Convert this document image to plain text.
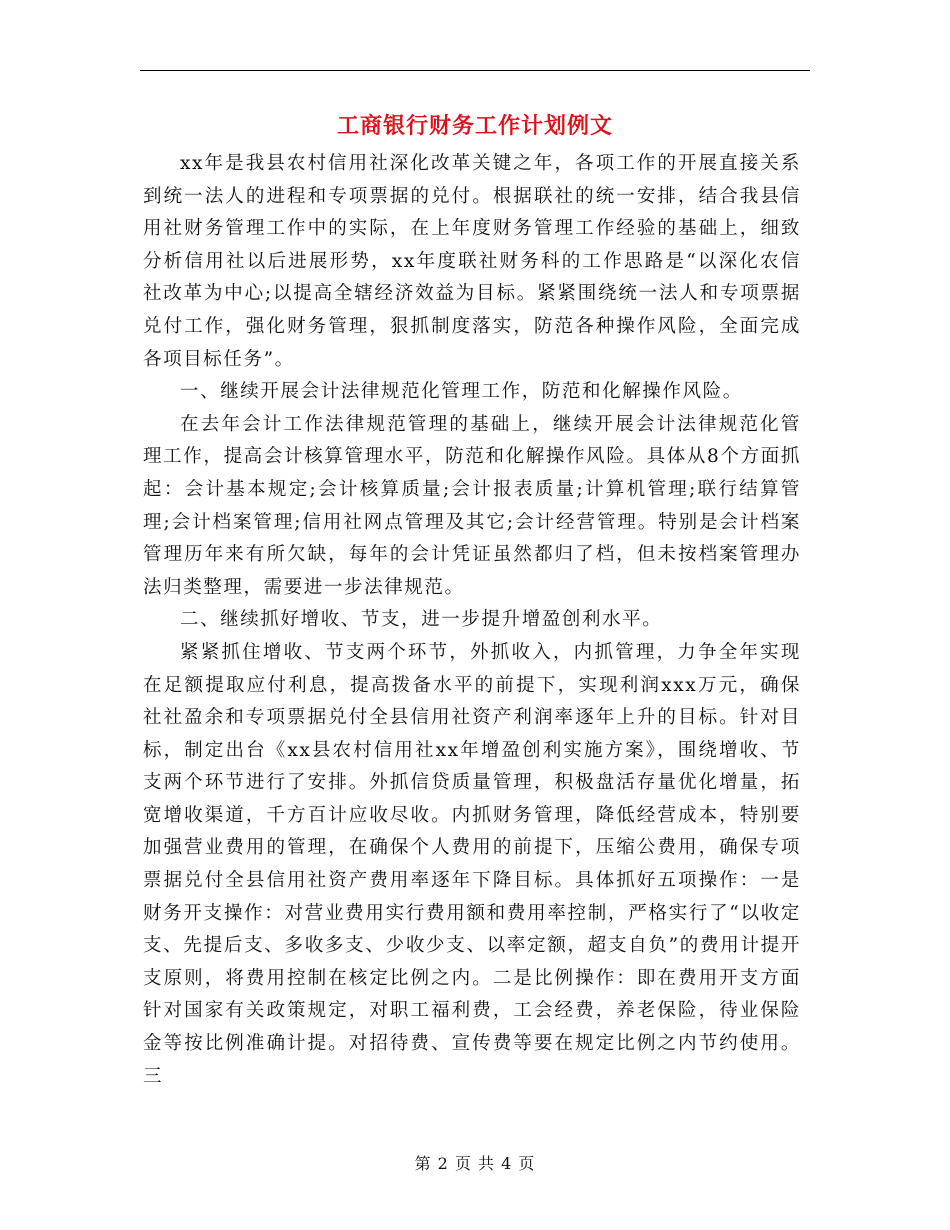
工商银行财务工作计划例文

xx年是我县农村信用社深化改革关键之年，各项工作的开展直接关系到统一法人的进程和专项票据的兑付。根据联社的统一安排，结合我县信用社财务管理工作中的实际，在上年度财务管理工作经验的基础上，细致分析信用社以后进展形势，xx年度联社财务科的工作思路是“以深化农信社改革为中心;以提高全辖经济效益为目标。紧紧围绕统一法人和专项票据兑付工作，强化财务管理，狠抓制度落实，防范各种操作风险，全面完成各项目标任务”。

一、继续开展会计法律规范化管理工作，防范和化解操作风险。

在去年会计工作法律规范管理的基础上，继续开展会计法律规范化管理工作，提高会计核算管理水平，防范和化解操作风险。具体从8个方面抓起：会计基本规定;会计核算质量;会计报表质量;计算机管理;联行结算管理;会计档案管理;信用社网点管理及其它;会计经营管理。特别是会计档案管理历年来有所欠缺，每年的会计凭证虽然都归了档，但未按档案管理办法归类整理，需要进一步法律规范。

二、继续抓好增收、节支，进一步提升增盈创利水平。

紧紧抓住增收、节支两个环节，外抓收入，内抓管理，力争全年实现在足额提取应付利息，提高拨备水平的前提下，实现利润xxx万元，确保社社盈余和专项票据兑付全县信用社资产利润率逐年上升的目标。针对目标，制定出台《xx县农村信用社xx年增盈创利实施方案》，围绕增收、节支两个环节进行了安排。外抓信贷质量管理，积极盘活存量优化增量，拓宽增收渠道，千方百计应收尽收。内抓财务管理，降低经营成本，特别要加强营业费用的管理，在确保个人费用的前提下，压缩公费用，确保专项票据兑付全县信用社资产费用率逐年下降目标。具体抓好五项操作：一是财务开支操作：对营业费用实行费用额和费用率控制，严格实行了“以收定支、先提后支、多收多支、少收少支、以率定额，超支自负”的费用计提开支原则，将费用控制在核定比例之内。二是比例操作：即在费用开支方面针对国家有关政策规定，对职工福利费，工会经费，养老保险，待业保险金等按比例准确计提。对招待费、宣传费等要在规定比例之内节约使用。三

第 2 页 共 4 页
